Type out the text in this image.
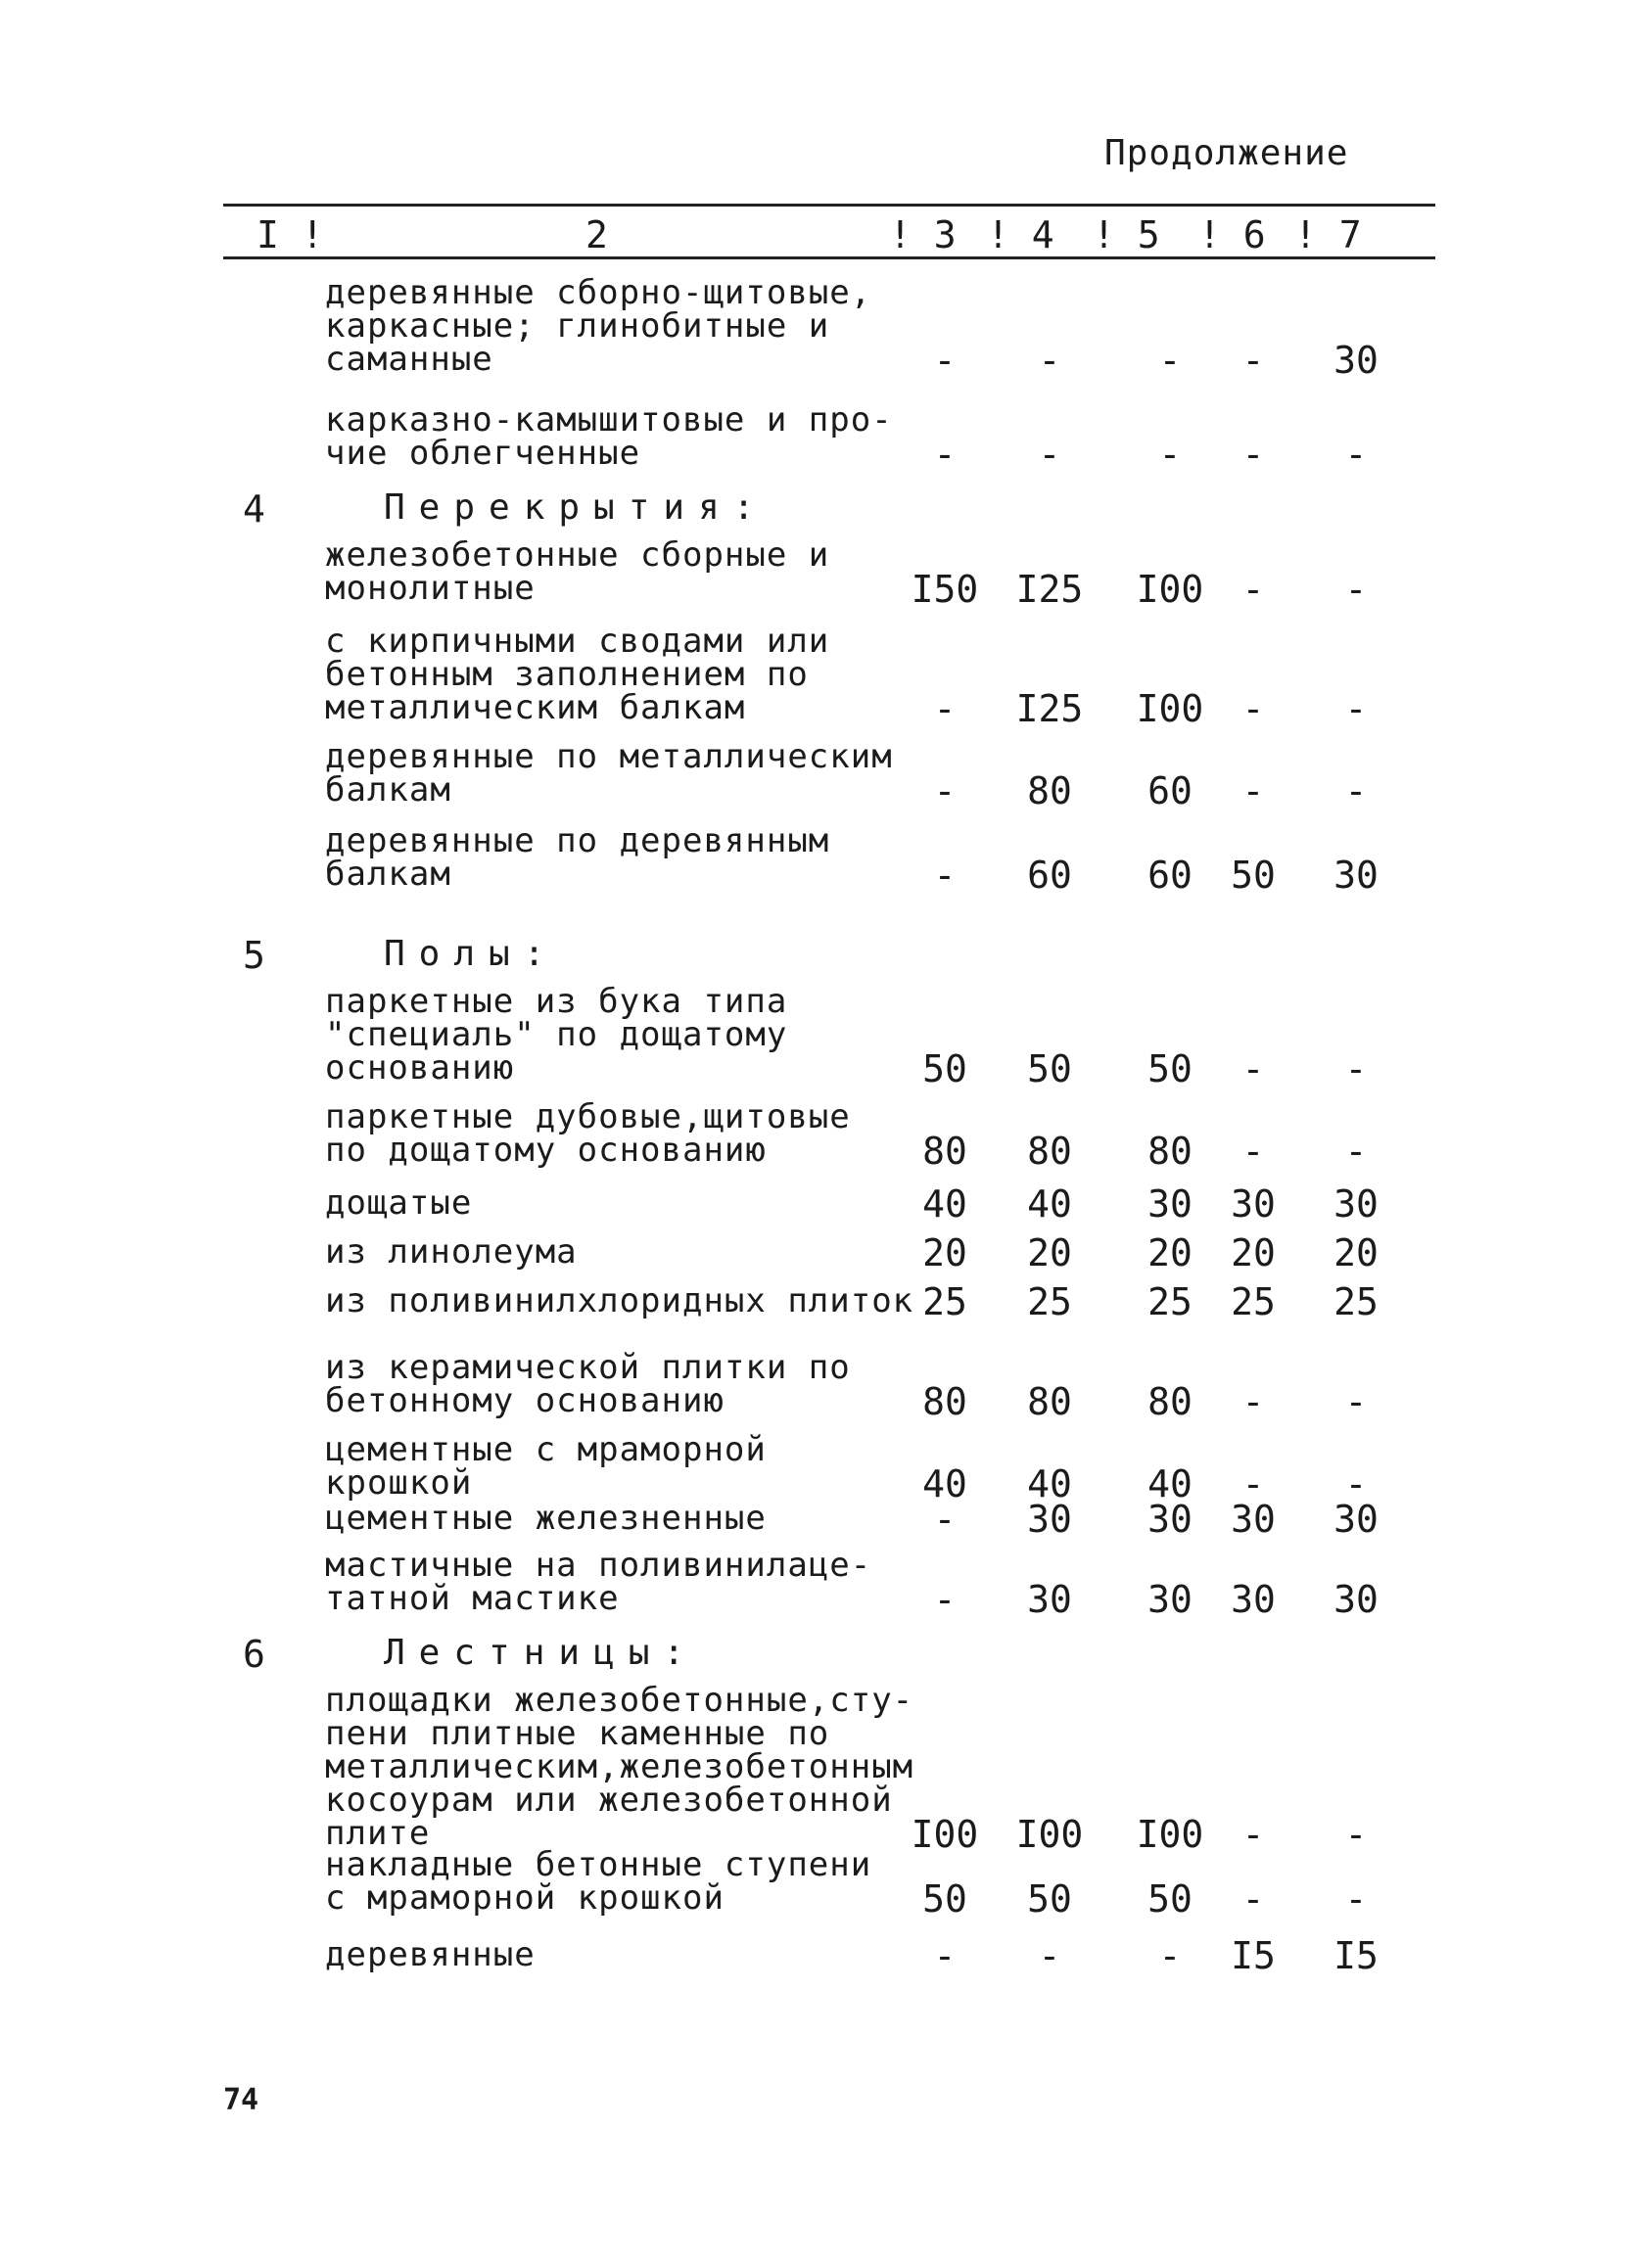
Продолжение
I !	2	! 3 ! 4 ! 5 ! 6 ! 7
деревянные сборно-щитовые,
каркасные; глинобитные и
саманные	-	-	-	-	30
карказно-камышитовые и про-
чие облегченные	-	-	-	-	-
4	Перекрытия:
железобетонные сборные и
монолитные	I50 I25 I00	-	-
с кирпичными сводами или
бетонным заполнением по
металлическим балкам	-	I25 I00	-	-
деревянные по металлическим
балкам	-	80	60	-	-
деревянные по деревянным
балкам	-	60	60	50	30
5	Полы:
паркетные из бука типа
"специаль" по дощатому
основанию	50	50	50	-	-
паркетные дубовые,щитовые
по дощатому основанию	80	80	80	-	-
дощатые	40	40	30	30	30
из линолеума	20	20	20	20	20
из поливинилхлоридных плиток 25	25	25	25	25
из керамической плитки по
бетонному основанию	80	80	80	-	-
цементные с мраморной
крошкой	40	40	40	-	-
цементные железненные	-	30	30	30	30
мастичные на поливинилаце-
татной мастике	-	30	30	30	30
6	Лестницы:
площадки железобетонные,сту-
пени плитные каменные по
металлическим,железобетонным
косоурам или железобетонной
плите	I00 I00 I00	-	-
накладные бетонные ступени
с мраморной крошкой	50	50	50	-	-
деревянные	-	-	-	I5	I5
74
